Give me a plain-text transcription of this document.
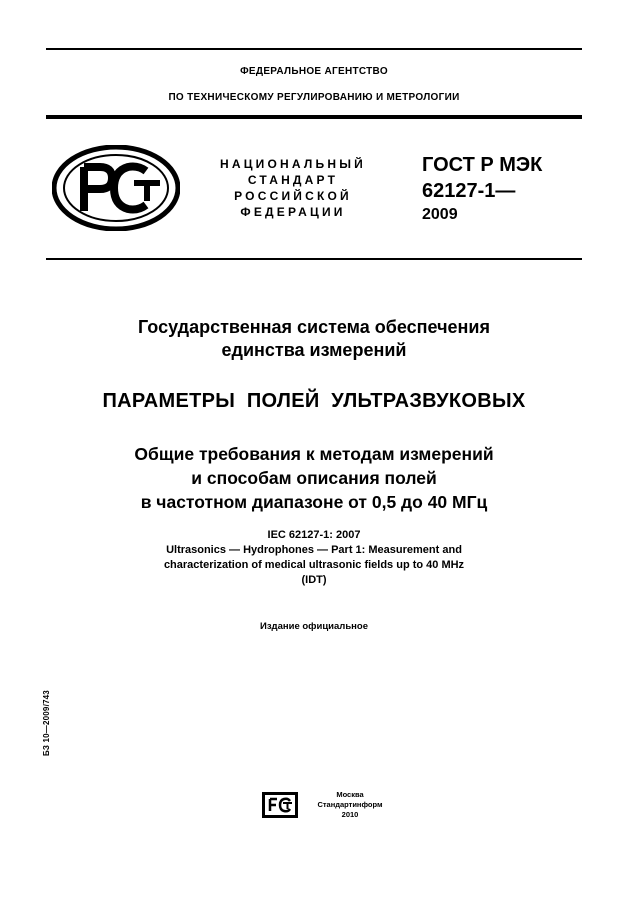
ФЕДЕРАЛЬНОЕ АГЕНТСТВО
ПО ТЕХНИЧЕСКОМУ РЕГУЛИРОВАНИЮ И МЕТРОЛОГИИ
НАЦИОНАЛЬНЫЙ
СТАНДАРТ
РОССИЙСКОЙ
ФЕДЕРАЦИИ
ГОСТ Р МЭК
62127-1—
2009
Государственная система обеспечения
единства измерений
ПАРАМЕТРЫ  ПОЛЕЙ  УЛЬТРАЗВУКОВЫХ
Общие требования к методам измерений
и способам описания полей
в частотном диапазоне от 0,5 до 40 МГц
IEC 62127-1: 2007
Ultrasonics — Hydrophones — Part 1: Measurement and
characterization of medical ultrasonic fields up to 40 MHz
(IDT)
Издание официальное
БЗ 10—2009/743
Москва
Стандартинформ
2010
